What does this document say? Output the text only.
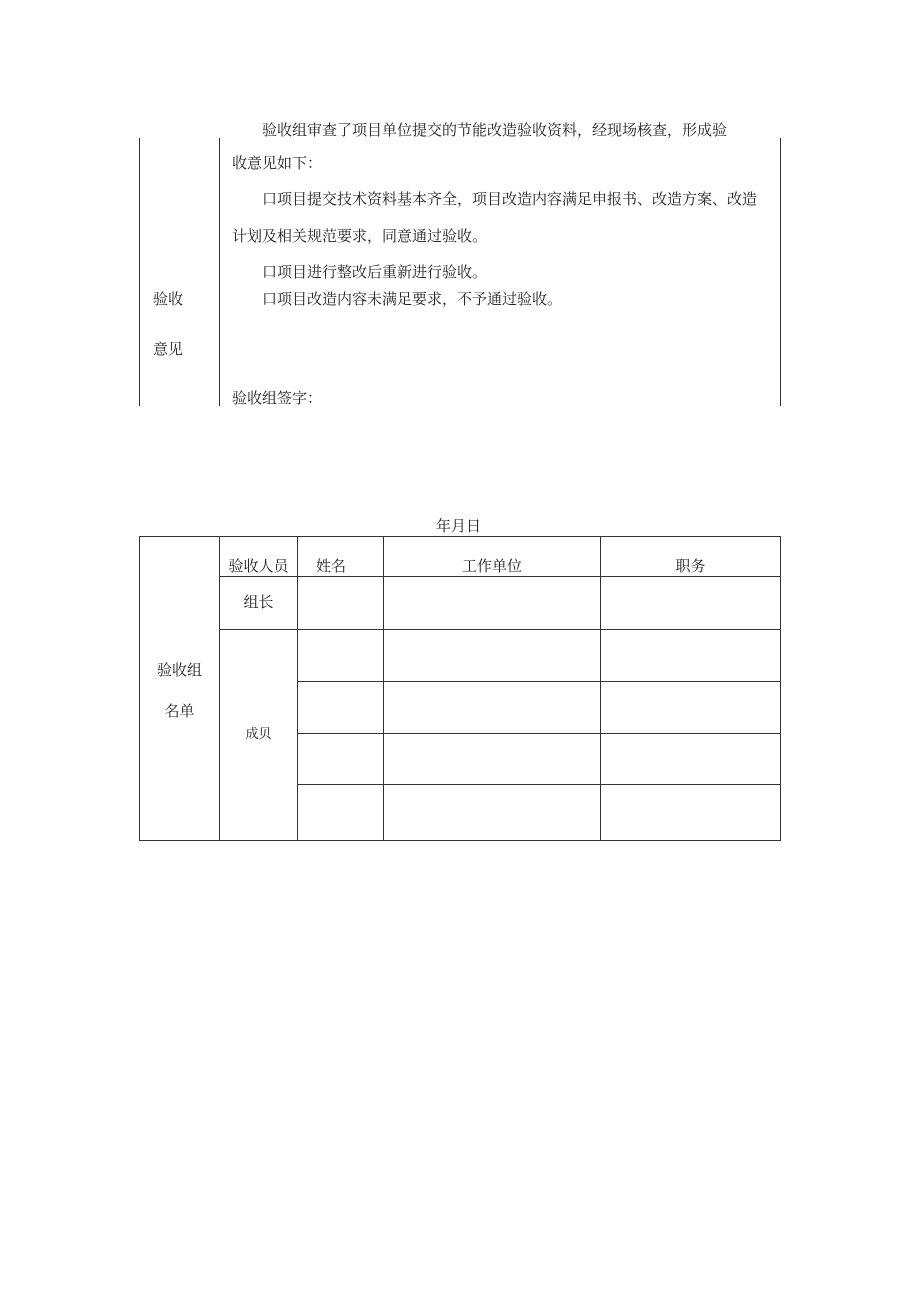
验收
意见
验收组审查了项目单位提交的节能改造验收资料，经现场核查，形成验
收意见如下：
口项目提交技术资料基本齐全，项目改造内容满足申报书、改造方案、改造
计划及相关规范要求，同意通过验收。
口项目进行整改后重新进行验收。
口项目改造内容未满足要求，不予通过验收。
验收组签字：
年月日
验收组
名单
验收人员	姓名	工作单位	职务
组长
成贝
